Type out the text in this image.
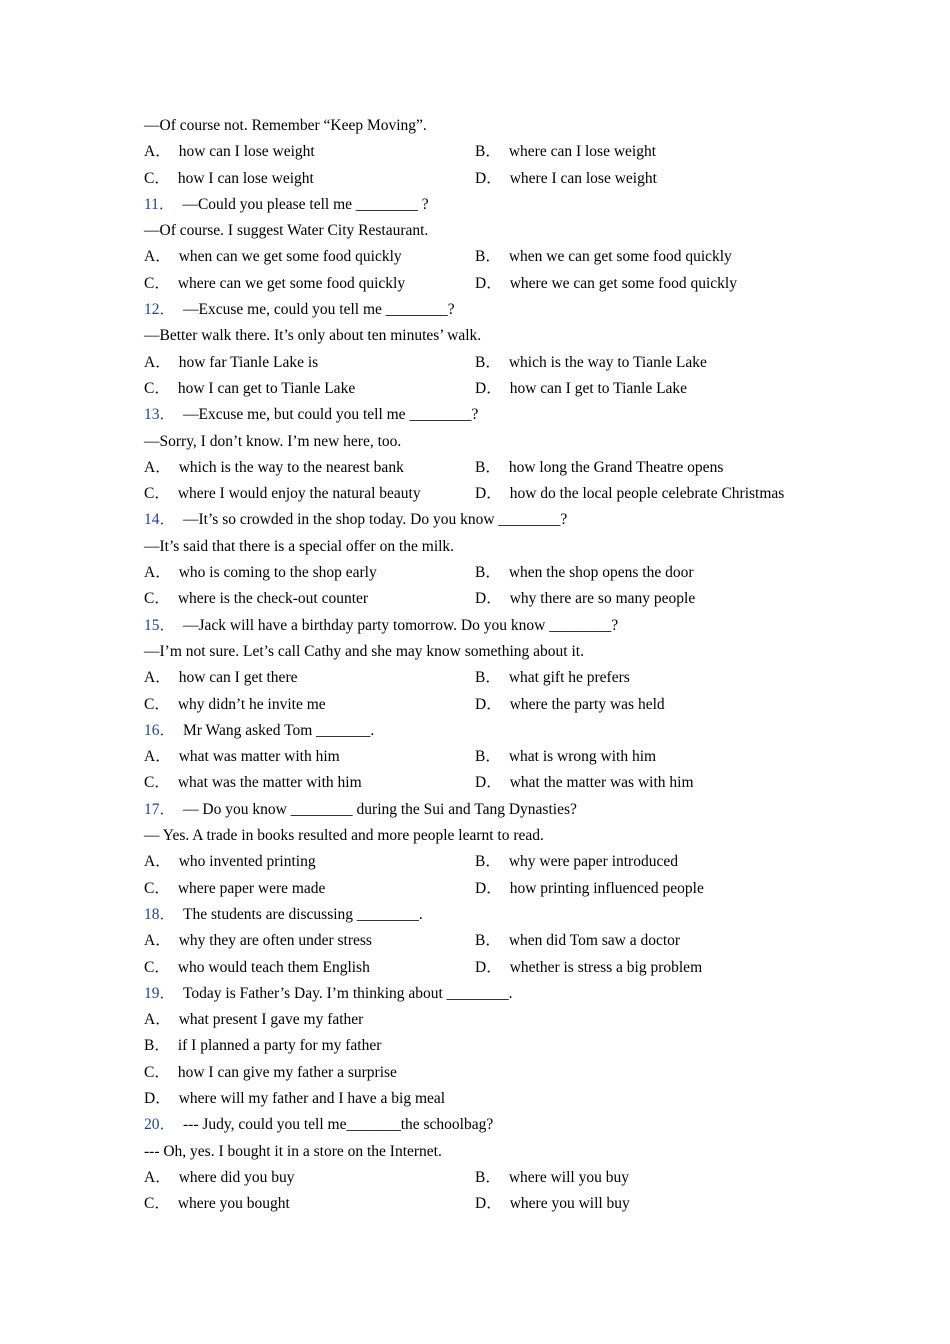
—Of course not. Remember “Keep Moving”.
A． how can I lose weight	B． where can I lose weight
C． how I can lose weight	D． where I can lose weight
11． —Could you please tell me ________ ?
—Of course. I suggest Water City Restaurant.
A． when can we get some food quickly	B． when we can get some food quickly
C． where can we get some food quickly	D． where we can get some food quickly
12． —Excuse me, could you tell me ________?
—Better walk there. It’s only about ten minutes’ walk.
A． how far Tianle Lake is	B． which is the way to Tianle Lake
C． how I can get to Tianle Lake	D． how can I get to Tianle Lake
13． —Excuse me, but could you tell me ________?
—Sorry, I don’t know. I’m new here, too.
A． which is the way to the nearest bank	B． how long the Grand Theatre opens
C． where I would enjoy the natural beauty	D． how do the local people celebrate Christmas
14． —It’s so crowded in the shop today. Do you know ________?
—It’s said that there is a special offer on the milk.
A． who is coming to the shop early	B． when the shop opens the door
C． where is the check-out counter	D． why there are so many people
15． —Jack will have a birthday party tomorrow. Do you know ________?
—I’m not sure. Let’s call Cathy and she may know something about it.
A． how can I get there	B． what gift he prefers
C． why didn’t he invite me	D． where the party was held
16． Mr Wang asked Tom _______.
A． what was matter with him	B． what is wrong with him
C． what was the matter with him	D． what the matter was with him
17． — Do you know ________ during the Sui and Tang Dynasties?
— Yes. A trade in books resulted and more people learnt to read.
A． who invented printing	B． why were paper introduced
C． where paper were made	D． how printing influenced people
18． The students are discussing ________.
A． why they are often under stress	B． when did Tom saw a doctor
C． who would teach them English	D． whether is stress a big problem
19． Today is Father’s Day. I’m thinking about ________.
A． what present I gave my father
B． if I planned a party for my father
C． how I can give my father a surprise
D． where will my father and I have a big meal
20． --- Judy, could you tell me_______the schoolbag?
--- Oh, yes. I bought it in a store on the Internet.
A． where did you buy	B． where will you buy
C． where you bought	D． where you will buy
